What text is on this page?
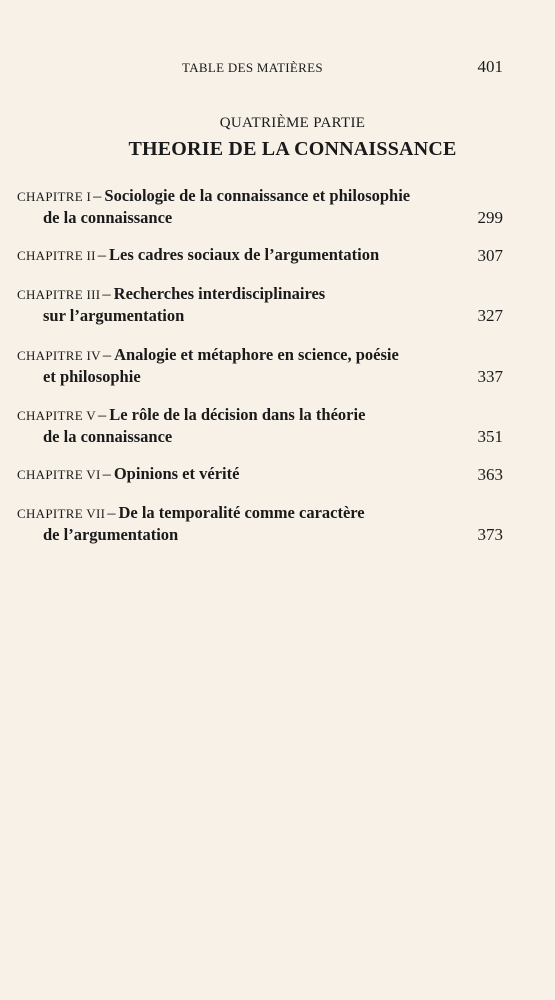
TABLE DES MATIÈRES	401
QUATRIÈME PARTIE
THEORIE DE LA CONNAISSANCE
CHAPITRE I – Sociologie de la connaissance et philosophie
de la connaissance	299
CHAPITRE II – Les cadres sociaux de l’argumentation	307
CHAPITRE III – Recherches interdisciplinaires
sur l’argumentation	327
CHAPITRE IV – Analogie et métaphore en science, poésie
et philosophie	337
CHAPITRE V – Le rôle de la décision dans la théorie
de la connaissance	351
CHAPITRE VI – Opinions et vérité	363
CHAPITRE VII – De la temporalité comme caractère
de l’argumentation	373
